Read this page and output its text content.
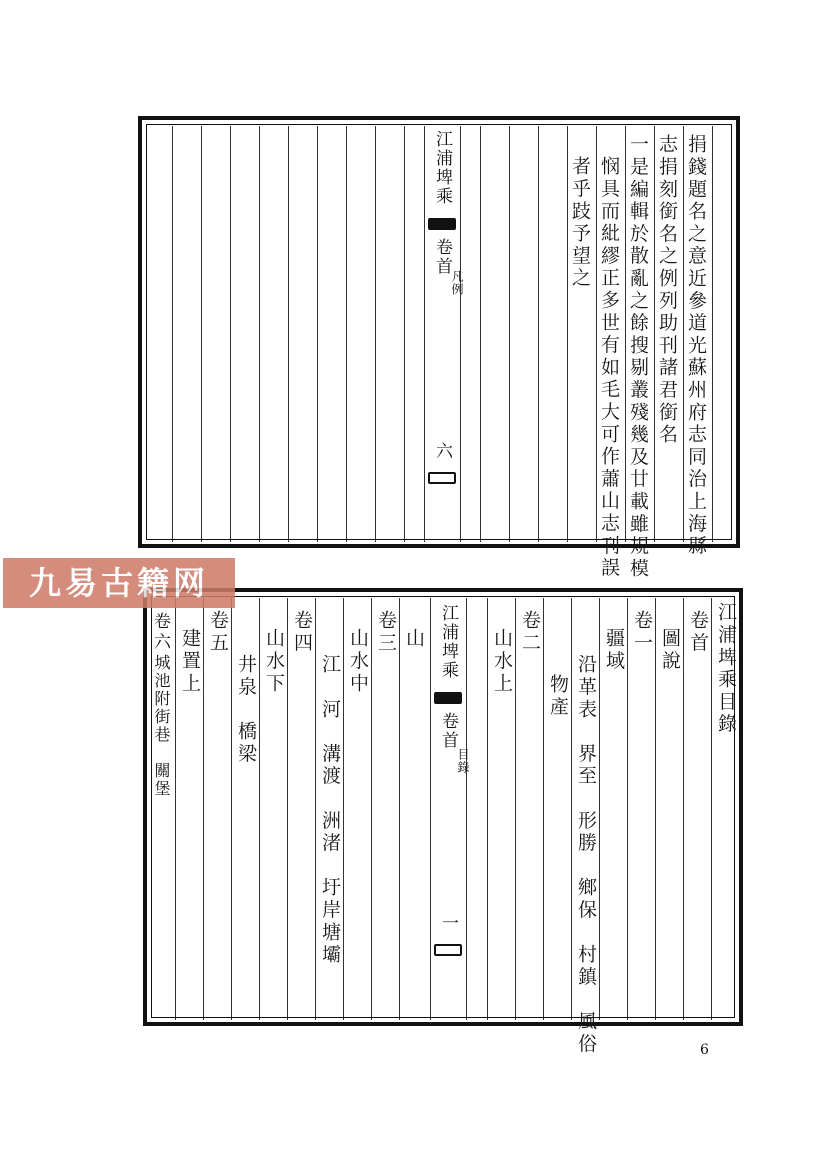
江浦埤乘
卷首
凡例
六	捐錢題名之意近參道光蘇州府志同治上海縣
志捐刻銜名之例列助刊諸君銜名
一是編輯於散亂之餘搜剔叢殘幾及廿載雖規模
悯具而紕繆正多世有如毛大可作蕭山志刊誤
者乎跂予望之
江浦埤乘
卷首
目錄
一
江浦埤乘目錄
卷首
圖說
卷一
疆域
沿革表　界至　形勝　鄉保　村鎮　風俗
物產
卷二
山水上
山
卷三
山水中
江　河　溝渡　洲渚　圩岸塘壩
卷四
山水下
井泉　橋梁
卷五
建置上
城池附街巷　關堡
卷六
九易古籍网
6
